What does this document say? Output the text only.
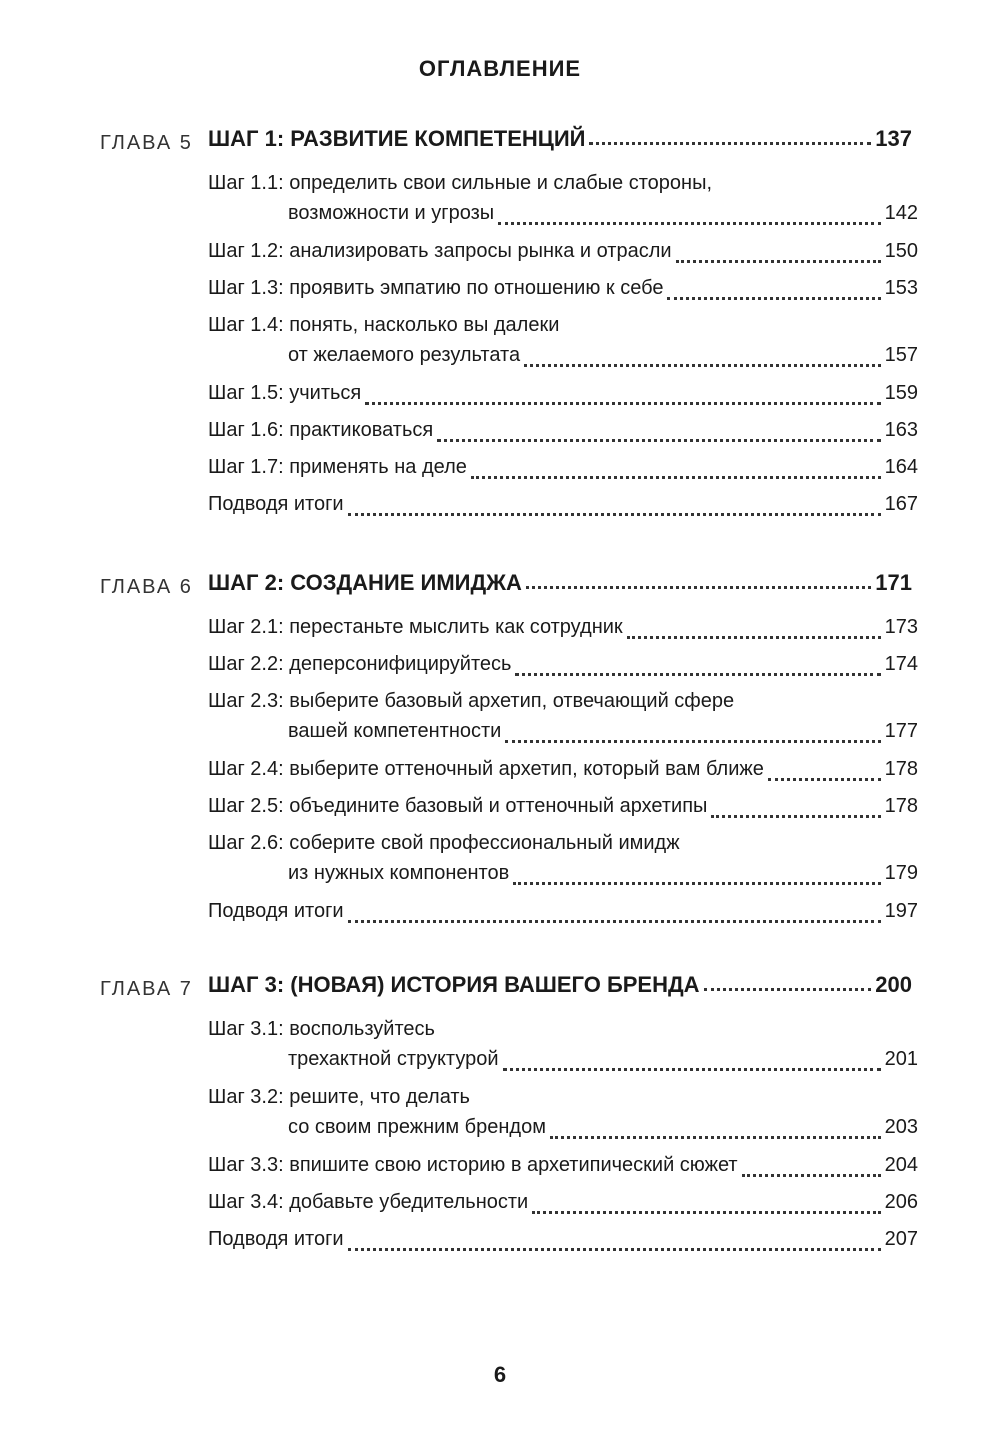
ОГЛАВЛЕНИЕ
ГЛАВА 5 ШАГ 1: РАЗВИТИЕ КОМПЕТЕНЦИЙ	137
Шаг 1.1: определить свои сильные и слабые стороны,
возможности и угрозы	142
Шаг 1.2: анализировать запросы рынка и отрасли	150
Шаг 1.3: проявить эмпатию по отношению к себе	153
Шаг 1.4: понять, насколько вы далеки
от желаемого результата	157
Шаг 1.5: учиться	159
Шаг 1.6: практиковаться	163
Шаг 1.7: применять на деле	164
Подводя итоги	167
ГЛАВА 6 ШАГ 2: СОЗДАНИЕ ИМИДЖА	171
Шаг 2.1: перестаньте мыслить как сотрудник	173
Шаг 2.2: деперсонифицируйтесь	174
Шаг 2.3: выберите базовый архетип, отвечающий сфере
вашей компетентности	177
Шаг 2.4: выберите оттеночный архетип, который вам ближе	178
Шаг 2.5: объедините базовый и оттеночный архетипы	178
Шаг 2.6: соберите свой профессиональный имидж
из нужных компонентов	179
Подводя итоги	197
ГЛАВА 7 ШАГ 3: (НОВАЯ) ИСТОРИЯ ВАШЕГО БРЕНДА	200
Шаг 3.1: воспользуйтесь
трехактной структурой	201
Шаг 3.2: решите, что делать
со своим прежним брендом	203
Шаг 3.3: впишите свою историю в архетипический сюжет	204
Шаг 3.4: добавьте убедительности	206
Подводя итоги	207
6
